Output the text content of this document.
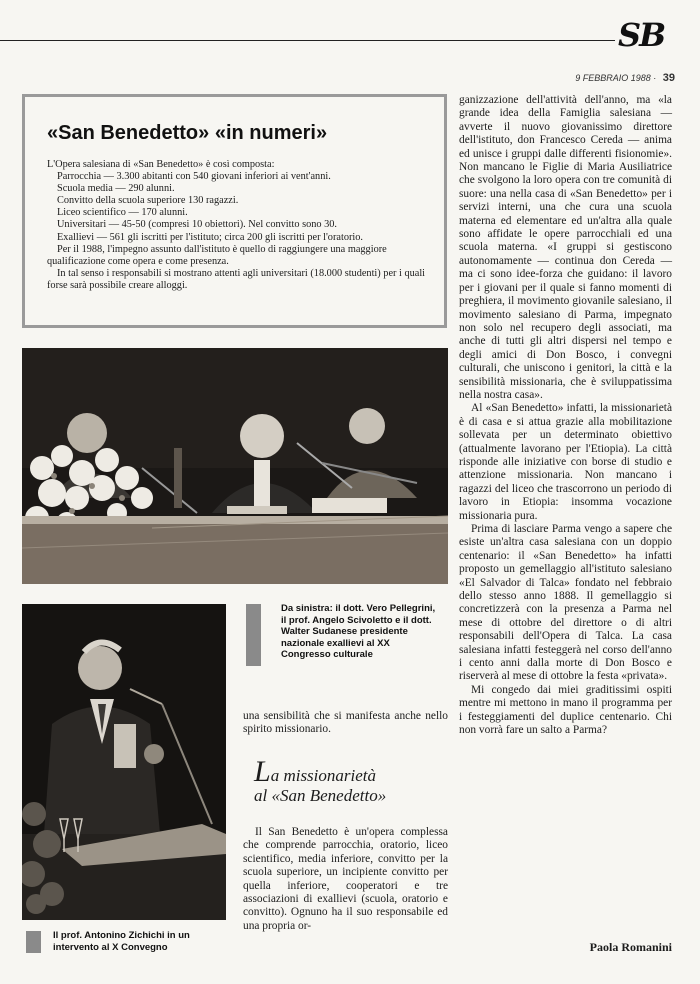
SB
9 FEBBRAIO 1988 · 39
«San Benedetto» «in numeri»

L'Opera salesiana di «San Benedetto» è così composta:

Parrocchia — 3.300 abitanti con 540 giovani inferiori ai vent'anni.

Scuola media — 290 alunni.

Convitto della scuola superiore 130 ragazzi.

Liceo scientifico — 170 alunni.

Universitari — 45-50 (compresi 10 obiettori). Nel convitto sono 30.

Exallievi — 561 gli iscritti per l'istituto; circa 200 gli iscritti per l'oratorio.

Per il 1988, l'impegno assunto dall'istituto è quello di raggiungere una maggiore qualificazione come opera e come presenza.

In tal senso i responsabili si mostrano attenti agli universitari (18.000 studenti) per i quali forse sarà possibile creare alloggi.

Da sinistra: il dott. Vero Pellegrini, il prof. Angelo Scivoletto e il dott. Walter Sudanese presidente nazionale exallievi al XX Congresso culturale
Il prof. Antonino Zichichi in un intervento al X Convegno

una sensibilità che si manifesta anche nello spirito missionario.

La missionarietà
al «San Benedetto»

Il San Benedetto è un'opera complessa che comprende parrocchia, oratorio, liceo scientifico, media inferiore, convitto per la scuola superiore, un incipiente convitto per quella inferiore, cooperatori e tre associazioni di exallievi (scuola, oratorio e convitto). Ognuno ha il suo responsabile ed una propria or-

ganizzazione dell'attività dell'anno, ma «la grande idea della Famiglia salesiana — avverte il nuovo giovanissimo direttore dell'istituto, don Francesco Cereda — anima ed unisce i gruppi dalle differenti fisionomie». Non mancano le Figlie di Maria Ausiliatrice che svolgono la loro opera con tre comunità di suore: una nella casa di «San Benedetto» per i servizi interni, una che cura una scuola materna ed elementare ed un'altra alla quale sono affidate le opere parrocchiali ed una scuola materna. «I gruppi si gestiscono autonomamente — continua don Cereda — ma ci sono idee-forza che guidano: il lavoro per i giovani per il quale si fanno momenti di preghiera, il movimento giovanile salesiano, il movimento salesiano di Parma, impegnato non solo nel recupero degli associati, ma anche di tutti gli altri dispersi nel tempo e degli amici di Don Bosco, i convegni culturali, che uniscono i genitori, la città e la sensibilità missionaria, che è sviluppatissima nella nostra casa».

Al «San Benedetto» infatti, la missionarietà è di casa e si attua grazie alla mobilitazione sollevata per un determinato obiettivo (attualmente lavorano per l'Etiopia). La città risponde alle iniziative con borse di studio e attenzione missionaria. Non mancano i ragazzi del liceo che trascorrono un periodo di lavoro in Etiopia: insomma vocazione missionaria pura.

Prima di lasciare Parma vengo a sapere che esiste un'altra casa salesiana con un doppio centenario: il «San Benedetto» ha infatti proposto un gemellaggio all'istituto salesiano «El Salvador di Talca» fondato nel febbraio dello stesso anno 1888. Il gemellaggio si concretizzerà con la presenza a Parma nel mese di ottobre del direttore o di altri responsabili dell'Opera di Talca. La casa salesiana infatti festeggerà nel corso dell'anno i cento anni dalla morte di Don Bosco e riserverà al mese di ottobre la festa «privata».

Mi congedo dai miei graditissimi ospiti mentre mi mettono in mano il programma per i festeggiamenti del duplice centenario. Chi non vorrà fare un salto a Parma?

Paola Romanini
